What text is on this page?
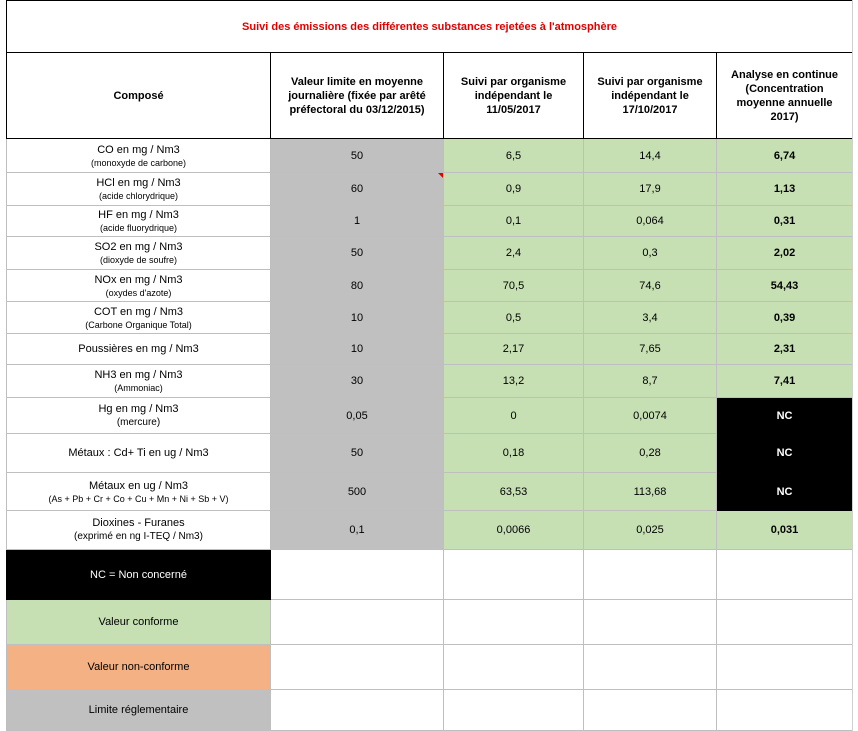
Suivi des émissions des différentes substances rejetées à l'atmosphère				
Composé	Valeur limite en moyenne journalière (fixée par arêté préfectoral du 03/12/2015)	Suivi par organisme indépendant le 11/05/2017	Suivi par organisme indépendant le 17/10/2017	Analyse en continue (Concentration moyenne annuelle 2017)
CO en mg / Nm3
(monoxyde de carbone)	50	6,5	14,4	6,74
HCl en mg / Nm3
(acide chlorydrique)	60	0,9	17,9	1,13
HF en mg / Nm3
(acide fluorydrique)	1	0,1	0,064	0,31
SO2 en mg / Nm3
(dioxyde de soufre)	50	2,4	0,3	2,02
NOx en mg / Nm3
(oxydes d'azote)	80	70,5	74,6	54,43
COT en mg / Nm3
(Carbone Organique Total)	10	0,5	3,4	0,39
Poussières en mg / Nm3	10	2,17	7,65	2,31
NH3 en mg / Nm3
(Ammoniac)	30	13,2	8,7	7,41
Hg en mg / Nm3
(mercure)	0,05	0	0,0074	NC
Métaux : Cd+ Ti en ug / Nm3	50	0,18	0,28	NC
Métaux en ug / Nm3
(As + Pb + Cr + Co + Cu + Mn + Ni + Sb + V)	500	63,53	113,68	NC
Dioxines - Furanes
(exprimé en ng I-TEQ / Nm3)	0,1	0,0066	0,025	0,031
NC = Non concerné				
Valeur conforme				
Valeur non-conforme				
Limite réglementaire				
